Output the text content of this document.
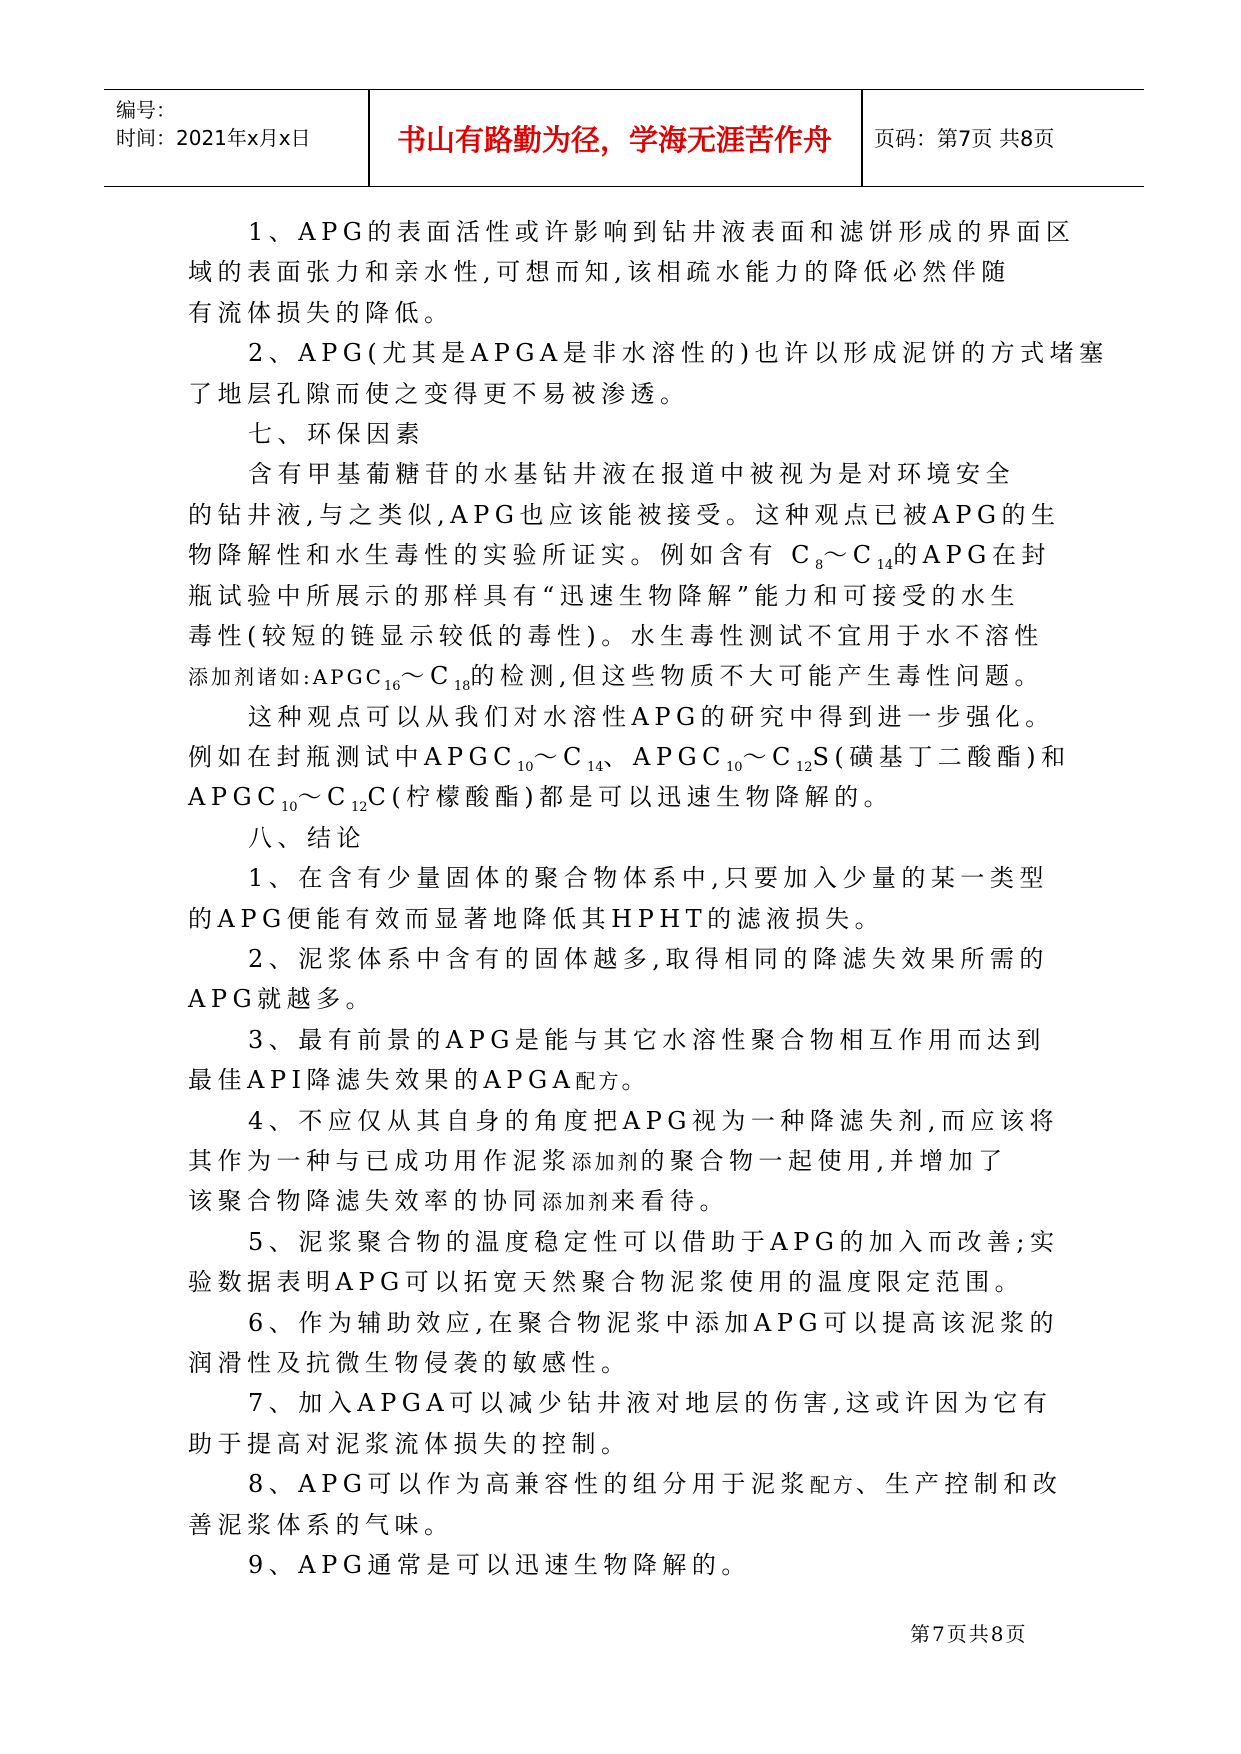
编号：
时间：2021年x月x日	书山有路勤为径，学海无涯苦作舟	页码：第7页 共8页
1、APG的表面活性或许影响到钻井液表面和滤饼形成的界面区
域的表面张力和亲水性,可想而知,该相疏水能力的降低必然伴随
有流体损失的降低。
2、APG(尤其是APGA是非水溶性的)也许以形成泥饼的方式堵塞
了地层孔隙而使之变得更不易被渗透。
七、环保因素
含有甲基葡糖苷的水基钻井液在报道中被视为是对环境安全
的钻井液,与之类似,APG也应该能被接受。这种观点已被APG的生
物降解性和水生毒性的实验所证实。例如含有 $C_8\sim C_{14}$的APG在封
瓶试验中所展示的那样具有“迅速生物降解”能力和可接受的水生
毒性(较短的链显示较低的毒性)。水生毒性测试不宜用于水不溶性
添加剂诸如$:APGC_{16}\sim C_{18}$的检测,但这些物质不大可能产生毒性问题。
这种观点可以从我们对水溶性APG的研究中得到进一步强化。
例如在封瓶测试中$APGC_{10}\sim C_{14}$、$APGC_{10}\sim C_{12}S$(磺基丁二酸酯)和
$APGC_{10}\sim C_{12}C$(柠檬酸酯)都是可以迅速生物降解的。
八、结论
1、在含有少量固体的聚合物体系中,只要加入少量的某一类型
的APG便能有效而显著地降低其HPHT的滤液损失。
2、泥浆体系中含有的固体越多,取得相同的降滤失效果所需的
APG就越多。
3、最有前景的APG是能与其它水溶性聚合物相互作用而达到
最佳API降滤失效果的APGA配方。
4、不应仅从其自身的角度把APG视为一种降滤失剂,而应该将
其作为一种与已成功用作泥浆添加剂的聚合物一起使用,并增加了
该聚合物降滤失效率的协同添加剂来看待。
5、泥浆聚合物的温度稳定性可以借助于APG的加入而改善;实
验数据表明APG可以拓宽天然聚合物泥浆使用的温度限定范围。
6、作为辅助效应,在聚合物泥浆中添加APG可以提高该泥浆的
润滑性及抗微生物侵袭的敏感性。
7、加入APGA可以减少钻井液对地层的伤害,这或许因为它有
助于提高对泥浆流体损失的控制。
8、APG可以作为高兼容性的组分用于泥浆配方、生产控制和改
善泥浆体系的气味。
9、APG通常是可以迅速生物降解的。
第7页共8页
